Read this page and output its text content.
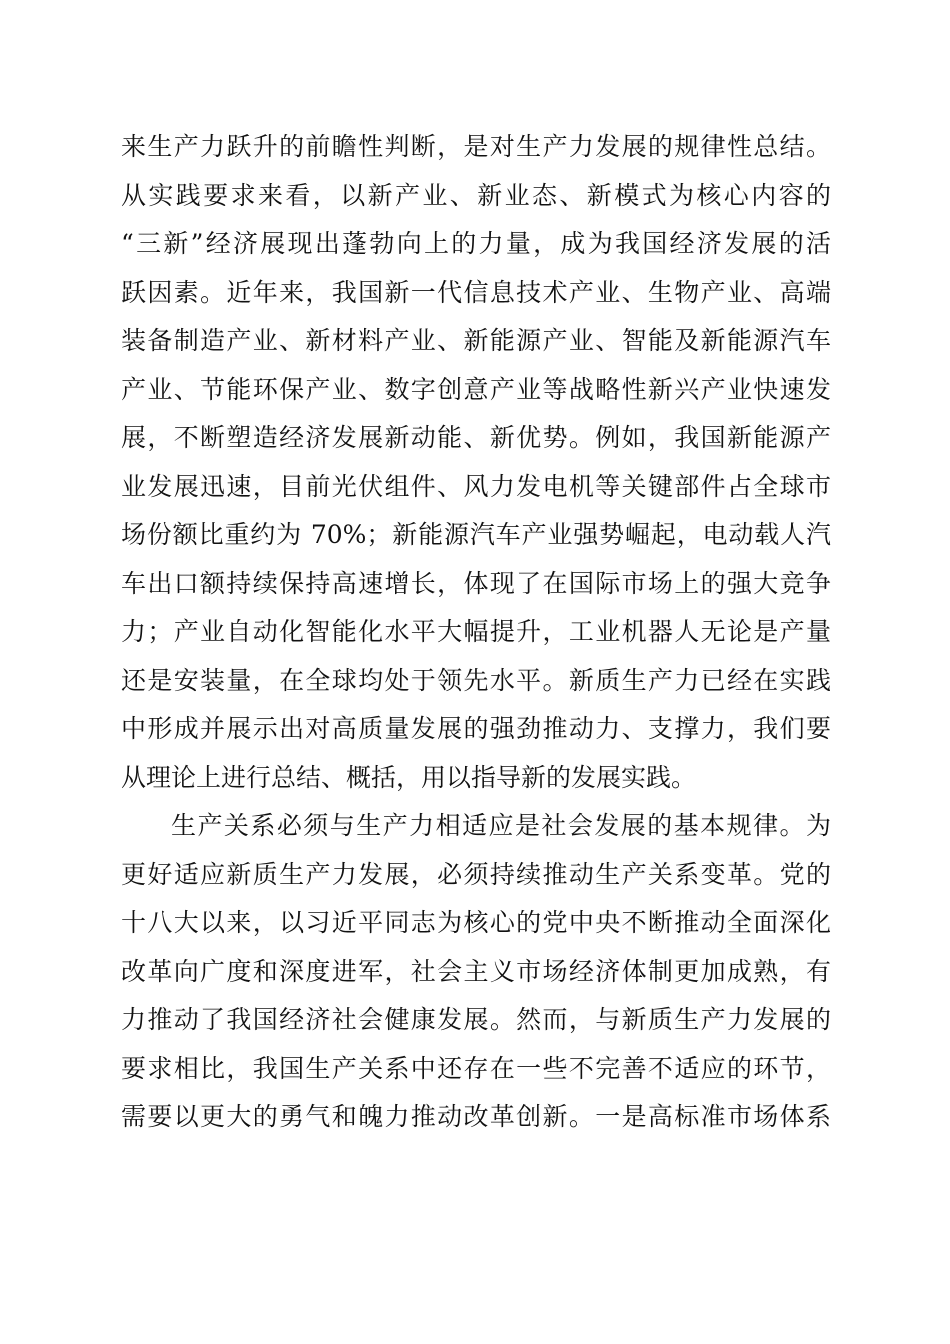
来生产力跃升的前瞻性判断，是对生产力发展的规律性总结。
从实践要求来看，以新产业、新业态、新模式为核心内容的
“三新”经济展现出蓬勃向上的力量，成为我国经济发展的活
跃因素。近年来，我国新一代信息技术产业、生物产业、高端
装备制造产业、新材料产业、新能源产业、智能及新能源汽车
产业、节能环保产业、数字创意产业等战略性新兴产业快速发
展，不断塑造经济发展新动能、新优势。例如，我国新能源产
业发展迅速，目前光伏组件、风力发电机等关键部件占全球市
场份额比重约为 70%；新能源汽车产业强势崛起，电动载人汽
车出口额持续保持高速增长，体现了在国际市场上的强大竞争
力；产业自动化智能化水平大幅提升，工业机器人无论是产量
还是安装量，在全球均处于领先水平。新质生产力已经在实践
中形成并展示出对高质量发展的强劲推动力、支撑力，我们要
从理论上进行总结、概括，用以指导新的发展实践。
生产关系必须与生产力相适应是社会发展的基本规律。为
更好适应新质生产力发展，必须持续推动生产关系变革。党的
十八大以来，以习近平同志为核心的党中央不断推动全面深化
改革向广度和深度进军，社会主义市场经济体制更加成熟，有
力推动了我国经济社会健康发展。然而，与新质生产力发展的
要求相比，我国生产关系中还存在一些不完善不适应的环节，
需要以更大的勇气和魄力推动改革创新。一是高标准市场体系
